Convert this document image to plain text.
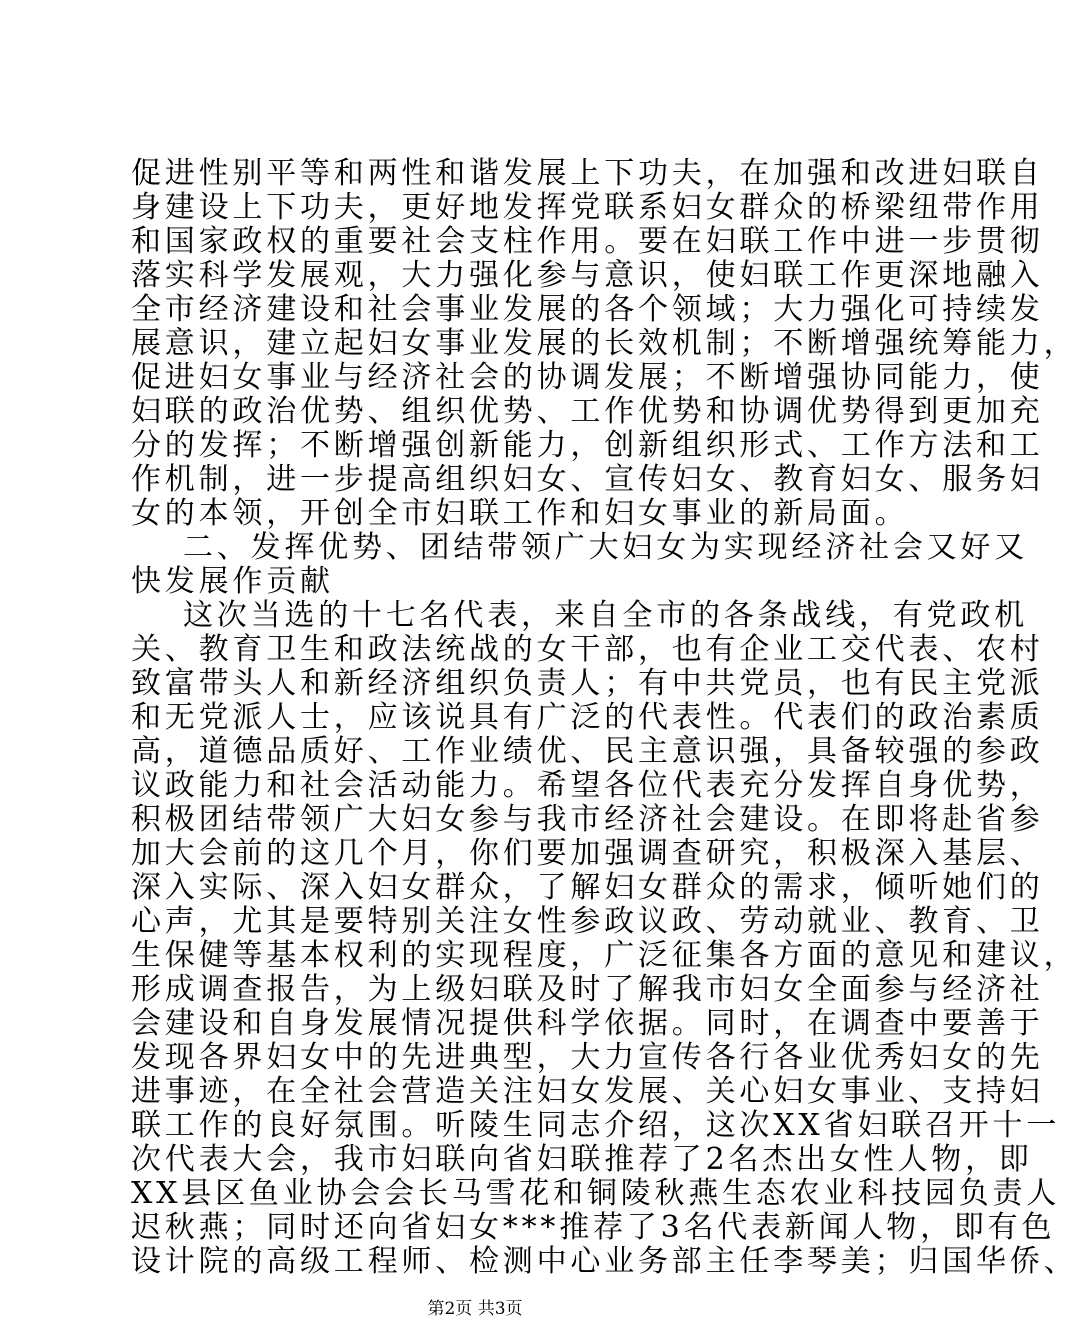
促进性别平等和两性和谐发展上下功夫，在加强和改进妇联自

身建设上下功夫，更好地发挥党联系妇女群众的桥梁纽带作用

和国家政权的重要社会支柱作用。要在妇联工作中进一步贯彻

落实科学发展观，大力强化参与意识，使妇联工作更深地融入

全市经济建设和社会事业发展的各个领域；大力强化可持续发

展意识，建立起妇女事业发展的长效机制；不断增强统筹能力，

促进妇女事业与经济社会的协调发展；不断增强协同能力，使

妇联的政治优势、组织优势、工作优势和协调优势得到更加充

分的发挥；不断增强创新能力，创新组织形式、工作方法和工

作机制，进一步提高组织妇女、宣传妇女、教育妇女、服务妇

女的本领，开创全市妇联工作和妇女事业的新局面。

二、发挥优势、团结带领广大妇女为实现经济社会又好又

快发展作贡献

这次当选的十七名代表，来自全市的各条战线，有党政机

关、教育卫生和政法统战的女干部，也有企业工交代表、农村

致富带头人和新经济组织负责人；有中共党员，也有民主党派

和无党派人士，应该说具有广泛的代表性。代表们的政治素质

高，道德品质好、工作业绩优、民主意识强，具备较强的参政

议政能力和社会活动能力。希望各位代表充分发挥自身优势，

积极团结带领广大妇女参与我市经济社会建设。在即将赴省参

加大会前的这几个月，你们要加强调查研究，积极深入基层、

深入实际、深入妇女群众，了解妇女群众的需求，倾听她们的

心声，尤其是要特别关注女性参政议政、劳动就业、教育、卫

生保健等基本权利的实现程度，广泛征集各方面的意见和建议，

形成调查报告，为上级妇联及时了解我市妇女全面参与经济社

会建设和自身发展情况提供科学依据。同时，在调查中要善于

发现各界妇女中的先进典型，大力宣传各行各业优秀妇女的先

进事迹，在全社会营造关注妇女发展、关心妇女事业、支持妇

联工作的良好氛围。听陵生同志介绍，这次XX省妇联召开十一

次代表大会，我市妇联向省妇联推荐了2名杰出女性人物，即

XX县区鱼业协会会长马雪花和铜陵秋燕生态农业科技园负责人

迟秋燕；同时还向省妇女***推荐了3名代表新闻人物，即有色

设计院的高级工程师、检测中心业务部主任李琴美；归国华侨、

第2页 共3页
